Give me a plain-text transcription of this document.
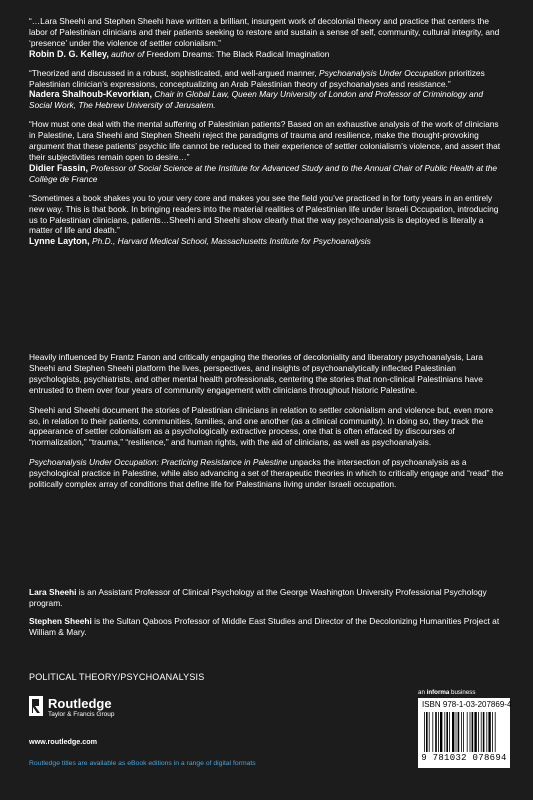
“…Lara Sheehi and Stephen Sheehi have written a brilliant, insurgent work of decolonial theory and practice that centers the labor of Palestinian clinicians and their patients seeking to restore and sustain a sense of self, community, cultural integrity, and ‘presence’ under the violence of settler colonialism.”
Robin D. G. Kelley, author of Freedom Dreams: The Black Radical Imagination
“Theorized and discussed in a robust, sophisticated, and well-argued manner, Psychoanalysis Under Occupation prioritizes Palestinian clinician’s expressions, conceptualizing an Arab Palestinian theory of psychoanalyses and resistance.”
Nadera Shalhoub-Kevorkian, Chair in Global Law, Queen Mary University of London and Professor of Criminology and Social Work, The Hebrew University of Jerusalem.
“How must one deal with the mental suffering of Palestinian patients? Based on an exhaustive analysis of the work of clinicians in Palestine, Lara Sheehi and Stephen Sheehi reject the paradigms of trauma and resilience, make the thought-provoking argument that these patients’ psychic life cannot be reduced to their experience of settler colonialism’s violence, and assert that their subjectivities remain open to desire…”
Didier Fassin, Professor of Social Science at the Institute for Advanced Study and to the Annual Chair of Public Health at the Collège de France
“Sometimes a book shakes you to your very core and makes you see the field you’ve practiced in for forty years in an entirely new way. This is that book. In bringing readers into the material realities of Palestinian life under Israeli Occupation, introducing us to Palestinian clinicians, patients…Sheehi and Sheehi show clearly that the way psychoanalysis is deployed is literally a matter of life and death.”
Lynne Layton, Ph.D., Harvard Medical School, Massachusetts Institute for Psychoanalysis

Heavily influenced by Frantz Fanon and critically engaging the theories of decoloniality and liberatory psychoanalysis, Lara Sheehi and Stephen Sheehi platform the lives, perspectives, and insights of psychoanalytically inflected Palestinian psychologists, psychiatrists, and other mental health professionals, centering the stories that non-clinical Palestinians have entrusted to them over four years of community engagement with clinicians throughout historic Palestine.

Sheehi and Sheehi document the stories of Palestinian clinicians in relation to settler colonialism and violence but, even more so, in relation to their patients, communities, families, and one another (as a clinical community). In doing so, they track the appearance of settler colonialism as a psychologically extractive process, one that is often effaced by discourses of “normalization,” “trauma,” “resilience,” and human rights, with the aid of clinicians, as well as psychoanalysis.

Psychoanalysis Under Occupation: Practicing Resistance in Palestine unpacks the intersection of psychoanalysis as a psychological practice in Palestine, while also advancing a set of therapeutic theories in which to critically engage and “read” the politically complex array of conditions that define life for Palestinians living under Israeli occupation.

Lara Sheehi is an Assistant Professor of Clinical Psychology at the George Washington University Professional Psychology program.

Stephen Sheehi is the Sultan Qaboos Professor of Middle East Studies and Director of the Decolonizing Humanities Project at William & Mary.

POLITICAL THEORY/PSYCHOANALYSIS
Routledge
Taylor & Francis Group
www.routledge.com
Routledge titles are available as eBook editions in a range of digital formats
an informa business
ISBN 978-1-03-207869-4
9 781032 078694
